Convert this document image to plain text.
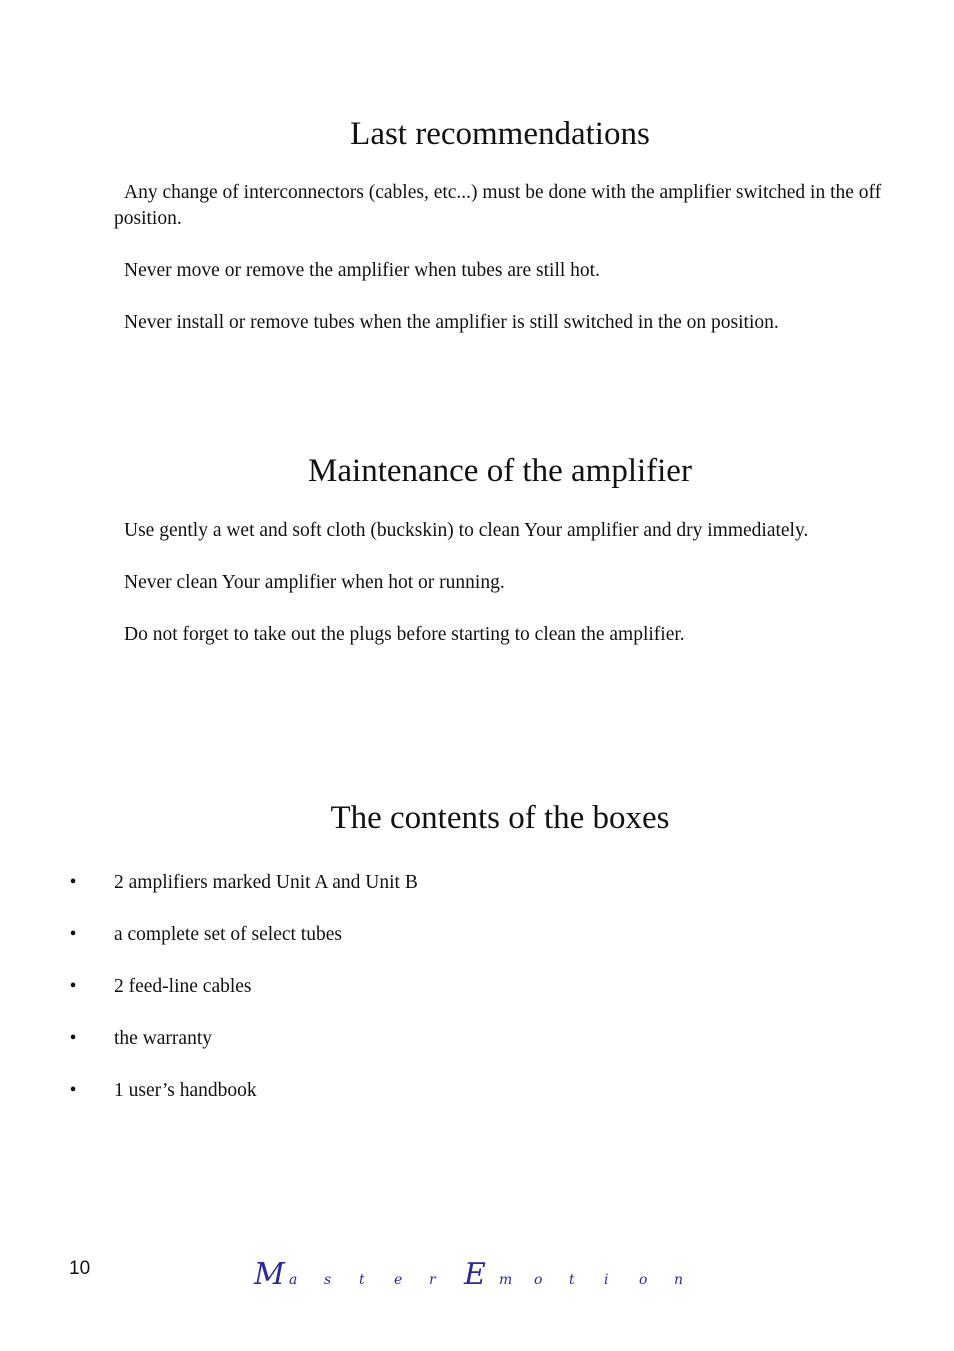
Last recommendations

Any change of interconnectors (cables, etc...) must be done with the amplifier switched in the off position.

Never move or remove the amplifier when tubes are still hot.

Never install or remove tubes when the amplifier is still switched in the on position.

Maintenance of the amplifier

Use gently a wet and soft cloth (buckskin) to clean Your amplifier and dry immediately.

Never clean Your amplifier when hot or running.

Do not forget to take out the plugs before starting to clean the amplifier.

The contents of the boxes
• 2 amplifiers marked Unit A and Unit B
• a complete set of select tubes
• 2 feed-line cables
• the warranty
• 1 user’s handbook
10	M a s t e r E m o t i o n
